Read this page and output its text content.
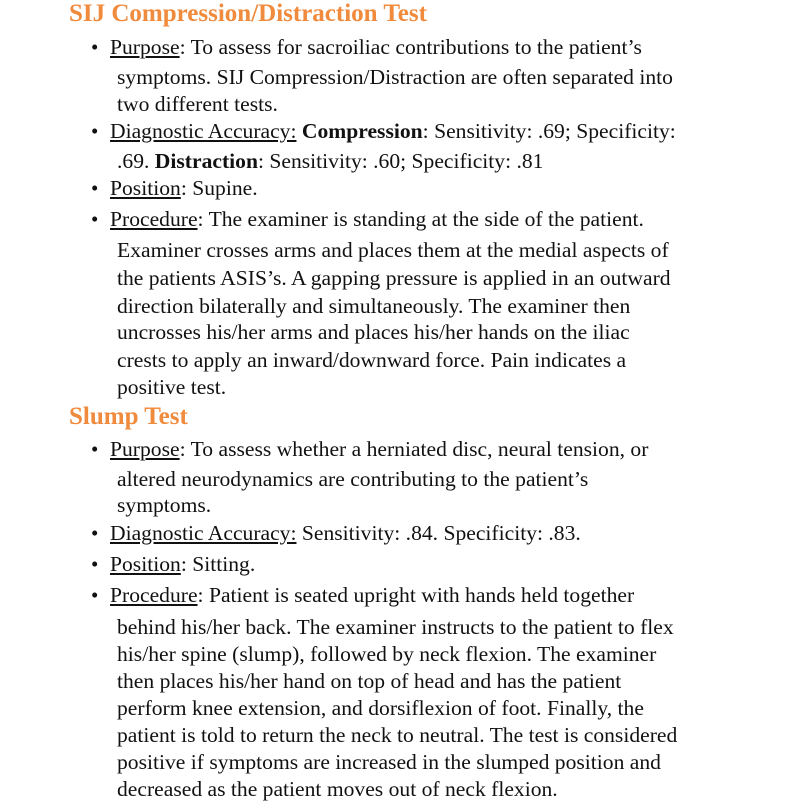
SIJ Compression/Distraction Test
• Purpose: To assess for sacroiliac contributions to the patient’s
symptoms. SIJ Compression/Distraction are often separated into
two different tests.
• Diagnostic Accuracy: Compression: Sensitivity: .69; Specificity:
.69. Distraction: Sensitivity: .60; Specificity: .81
• Position: Supine.
• Procedure: The examiner is standing at the side of the patient.
Examiner crosses arms and places them at the medial aspects of
the patients ASIS’s. A gapping pressure is applied in an outward
direction bilaterally and simultaneously. The examiner then
uncrosses his/her arms and places his/her hands on the iliac
crests to apply an inward/downward force. Pain indicates a
positive test.
Slump Test
• Purpose: To assess whether a herniated disc, neural tension, or
altered neurodynamics are contributing to the patient’s
symptoms.
• Diagnostic Accuracy: Sensitivity: .84. Specificity: .83.
• Position: Sitting.
• Procedure: Patient is seated upright with hands held together
behind his/her back. The examiner instructs to the patient to flex
his/her spine (slump), followed by neck flexion. The examiner
then places his/her hand on top of head and has the patient
perform knee extension, and dorsiflexion of foot. Finally, the
patient is told to return the neck to neutral. The test is considered
positive if symptoms are increased in the slumped position and
decreased as the patient moves out of neck flexion.
